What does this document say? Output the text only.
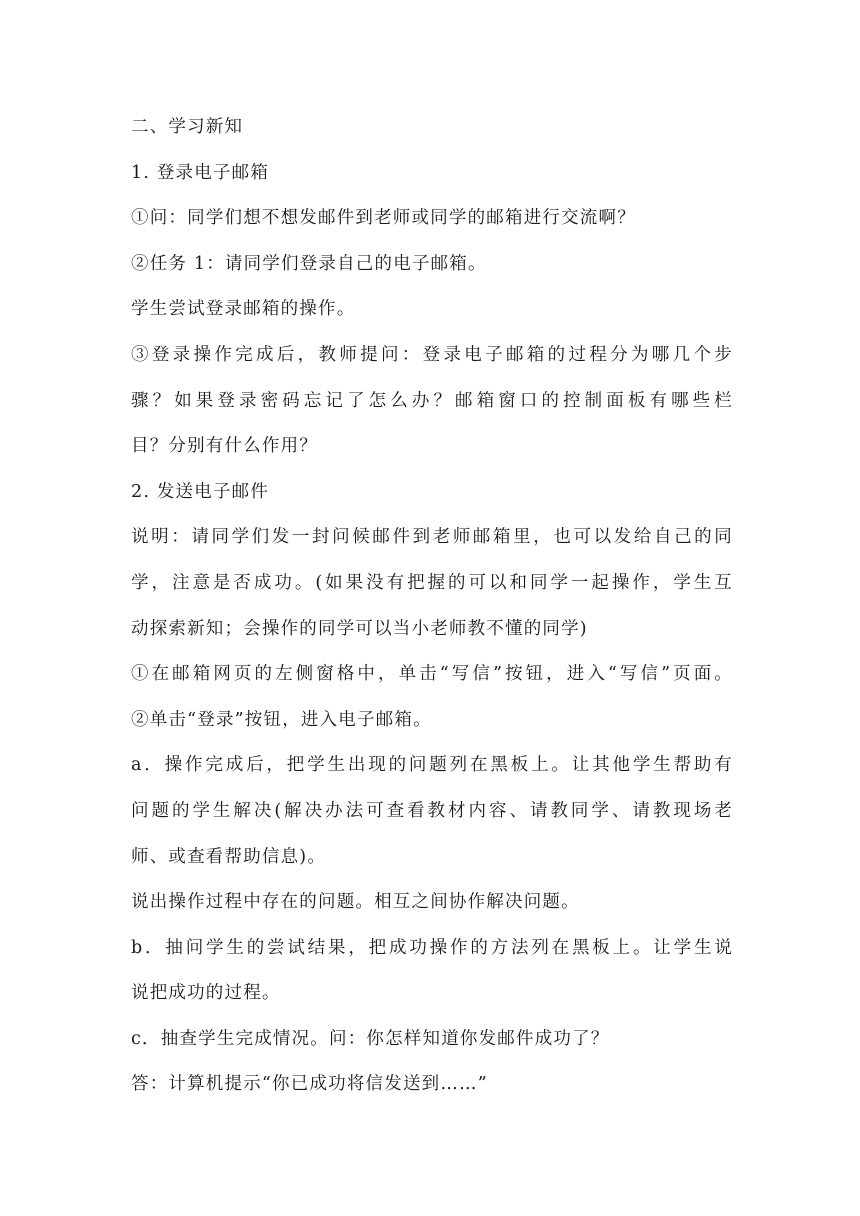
二、学习新知
1. 登录电子邮箱
①问：同学们想不想发邮件到老师或同学的邮箱进行交流啊？
②任务 1：请同学们登录自己的电子邮箱。
学生尝试登录邮箱的操作。
③登录操作完成后，教师提问：登录电子邮箱的过程分为哪几个步
骤？如果登录密码忘记了怎么办？邮箱窗口的控制面板有哪些栏
目？分别有什么作用？
2. 发送电子邮件
说明：请同学们发一封问候邮件到老师邮箱里，也可以发给自己的同
学，注意是否成功。(如果没有把握的可以和同学一起操作，学生互
动探索新知；会操作的同学可以当小老师教不懂的同学)
①在邮箱网页的左侧窗格中，单击“写信”按钮，进入“写信”页面。
②单击“登录”按钮，进入电子邮箱。
a．操作完成后，把学生出现的问题列在黑板上。让其他学生帮助有
问题的学生解决(解决办法可查看教材内容、请教同学、请教现场老
师、或查看帮助信息)。
说出操作过程中存在的问题。相互之间协作解决问题。
b．抽问学生的尝试结果，把成功操作的方法列在黑板上。让学生说
说把成功的过程。
c．抽查学生完成情况。问：你怎样知道你发邮件成功了？
答：计算机提示“你已成功将信发送到……”
